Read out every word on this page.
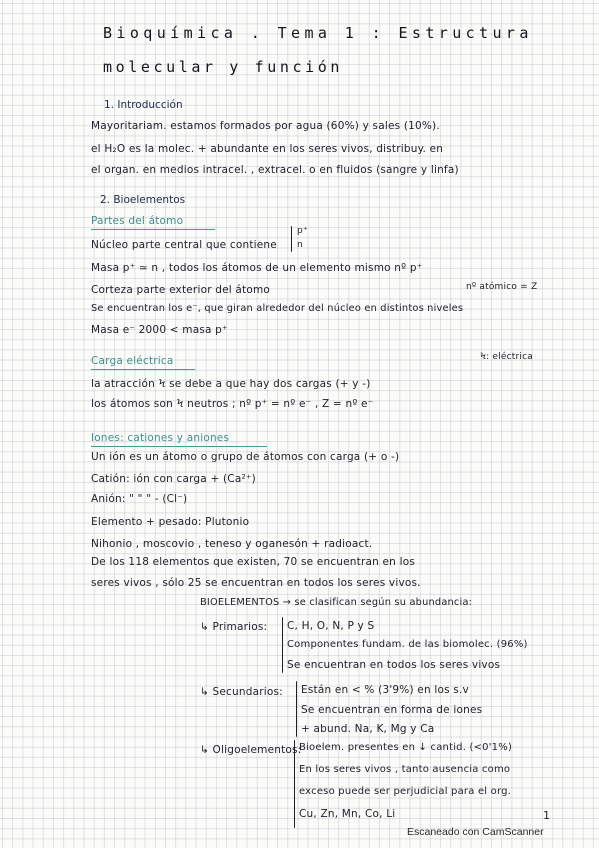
Bioquímica . Tema 1 : Estructura
molecular y función
1. Introducción
Mayoritariam. estamos formados por agua (60%) y sales (10%).
el H₂O es la molec. + abundante en los seres vivos, distribuy. en
el organ. en medios intracel. , extracel. o en fluidos (sangre y linfa)
2. Bioelementos
Partes del átomo
Núcleo parte central que contiene
p⁺
n
Masa p⁺ ≃ n , todos los átomos de un elemento mismo nº p⁺
nº atómico = Z
Corteza parte exterior del átomo
Se encuentran los e⁻, que giran alrededor del núcleo en distintos niveles
Masa e⁻ 2000 < masa p⁺
Carga eléctrica	Ϟ: eléctrica
la atracción Ϟ se debe a que hay dos cargas (+ y -)
los átomos son Ϟ neutros ; nº p⁺ = nº e⁻ , Z = nº e⁻
Iones: cationes y aniones
Un ión es un átomo o grupo de átomos con carga (+ o -)
Catión: ión con carga + (Ca²⁺)
Anión: " " " - (Cl⁻)
Elemento + pesado: Plutonio
Nihonio , moscovio , teneso y oganesón + radioact.
De los 118 elementos que existen, 70 se encuentran en los
seres vivos , sólo 25 se encuentran en todos los seres vivos.
BIOELEMENTOS → se clasifican según su abundancia:
↳ Primarios: C, H, O, N, P y S
Componentes fundam. de las biomolec. (96%)
Se encuentran en todos los seres vivos
↳ Secundarios: Están en < % (3'9%) en los s.v
Se encuentran en forma de iones
+ abund. Na, K, Mg y Ca
↳ Oligoelementos:
Bioelem. presentes en ↓ cantid. (<0'1%)
En los seres vivos , tanto ausencia como
exceso puede ser perjudicial para el org.
Cu, Zn, Mn, Co, Li
Escaneado con CamScanner
1
